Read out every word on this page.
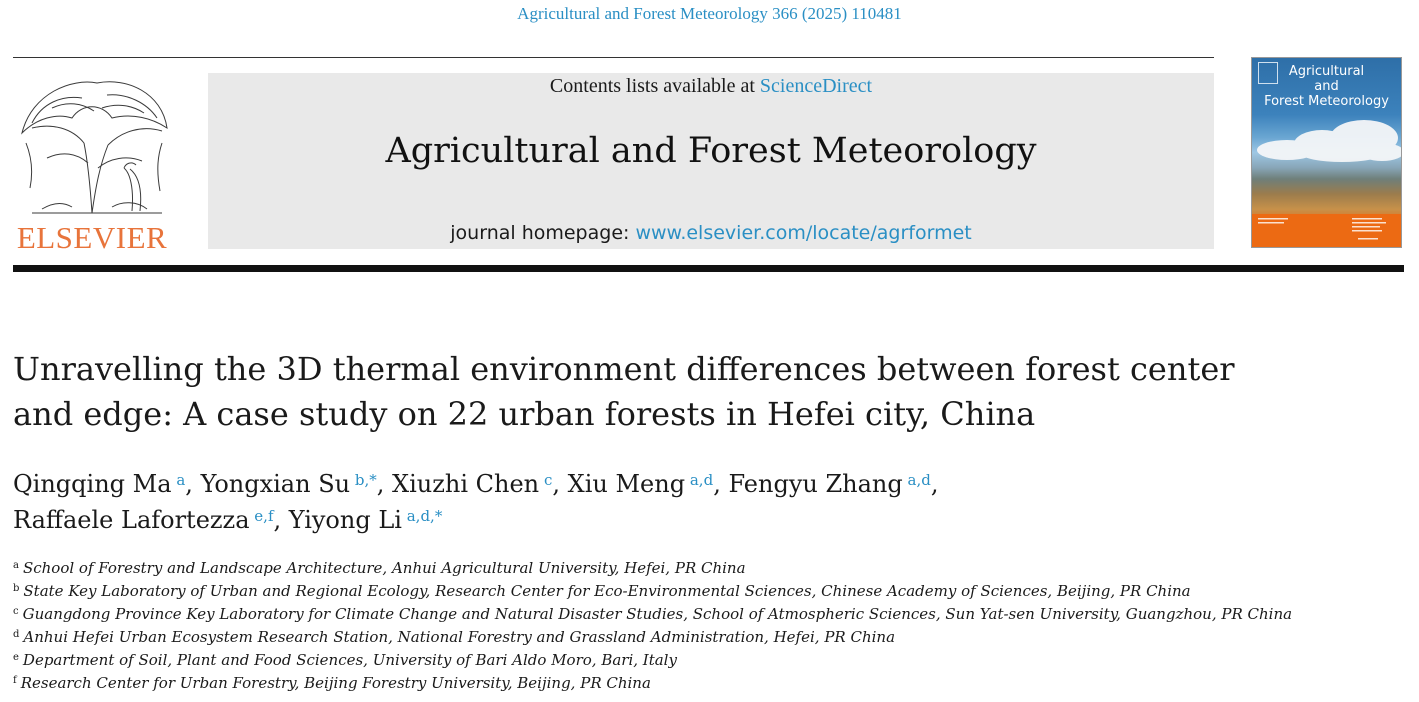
Agricultural and Forest Meteorology 366 (2025) 110481
ELSEVIER
Contents lists available at ScienceDirect
Agricultural and Forest Meteorology
journal homepage: www.elsevier.com/locate/agrformet
Agricultural
and
Forest Meteorology
Unravelling the 3D thermal environment differences between forest center
and edge: A case study on 22 urban forests in Hefei city, China
Qingqing Ma  $^a$, Yongxian Su  $^{b,*}$, Xiuzhi Chen  $^c$, Xiu Meng  $^{a,d}$, Fengyu Zhang  $^{a,d}$,
Raffaele Lafortezza  $^{e,f}$, Yiyong Li  $^{a,d,*}$
$^a$ School of Forestry and Landscape Architecture, Anhui Agricultural University, Hefei, PR China
$^b$ State Key Laboratory of Urban and Regional Ecology, Research Center for Eco-Environmental Sciences, Chinese Academy of Sciences, Beijing, PR China
$^c$ Guangdong Province Key Laboratory for Climate Change and Natural Disaster Studies, School of Atmospheric Sciences, Sun Yat-sen University, Guangzhou, PR China
$^d$ Anhui Hefei Urban Ecosystem Research Station, National Forestry and Grassland Administration, Hefei, PR China
$^e$ Department of Soil, Plant and Food Sciences, University of Bari Aldo Moro, Bari, Italy
$^f$ Research Center for Urban Forestry, Beijing Forestry University, Beijing, PR China
